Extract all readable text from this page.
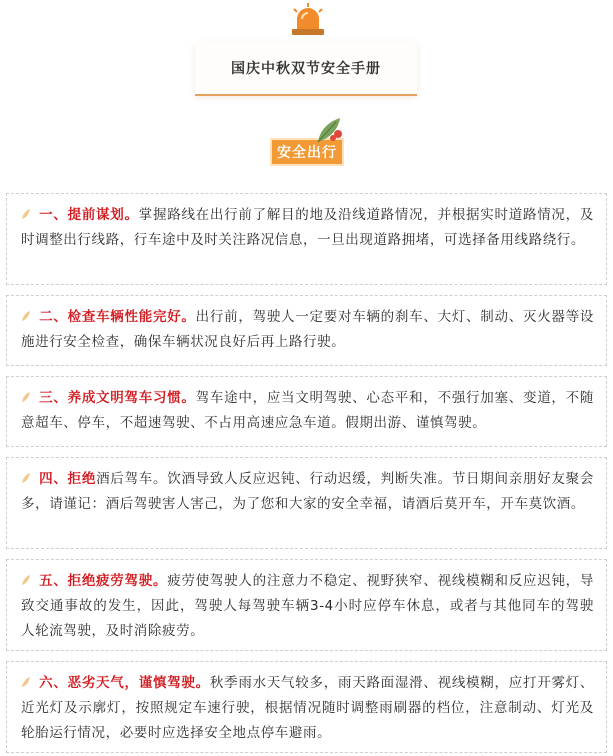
国庆中秋双节安全手册
安全出行
一、提前谋划。掌握路线在出行前了解目的地及沿线道路情况，并根据实时道路情况，及时调整出行线路，行车途中及时关注路况信息，一旦出现道路拥堵，可选择备用线路绕行。
二、检查车辆性能完好。出行前，驾驶人一定要对车辆的刹车、大灯、制动、灭火器等设施进行安全检查，确保车辆状况良好后再上路行驶。
三、养成文明驾车习惯。驾车途中，应当文明驾驶、心态平和，不强行加塞、变道，不随意超车、停车，不超速驾驶、不占用高速应急车道。假期出游、谨慎驾驶。
四、拒绝酒后驾车。饮酒导致人反应迟钝、行动迟缓，判断失准。节日期间亲朋好友聚会多，请谨记：酒后驾驶害人害己，为了您和大家的安全幸福，请酒后莫开车，开车莫饮酒。
五、拒绝疲劳驾驶。疲劳使驾驶人的注意力不稳定、视野狭窄、视线模糊和反应迟钝，导致交通事故的发生，因此，驾驶人每驾驶车辆3-4小时应停车休息，或者与其他同车的驾驶人轮流驾驶，及时消除疲劳。
六、恶劣天气，谨慎驾驶。秋季雨水天气较多，雨天路面湿滑、视线模糊，应打开雾灯、近光灯及示廓灯，按照规定车速行驶，根据情况随时调整雨刷器的档位，注意制动、灯光及轮胎运行情况，必要时应选择安全地点停车避雨。
